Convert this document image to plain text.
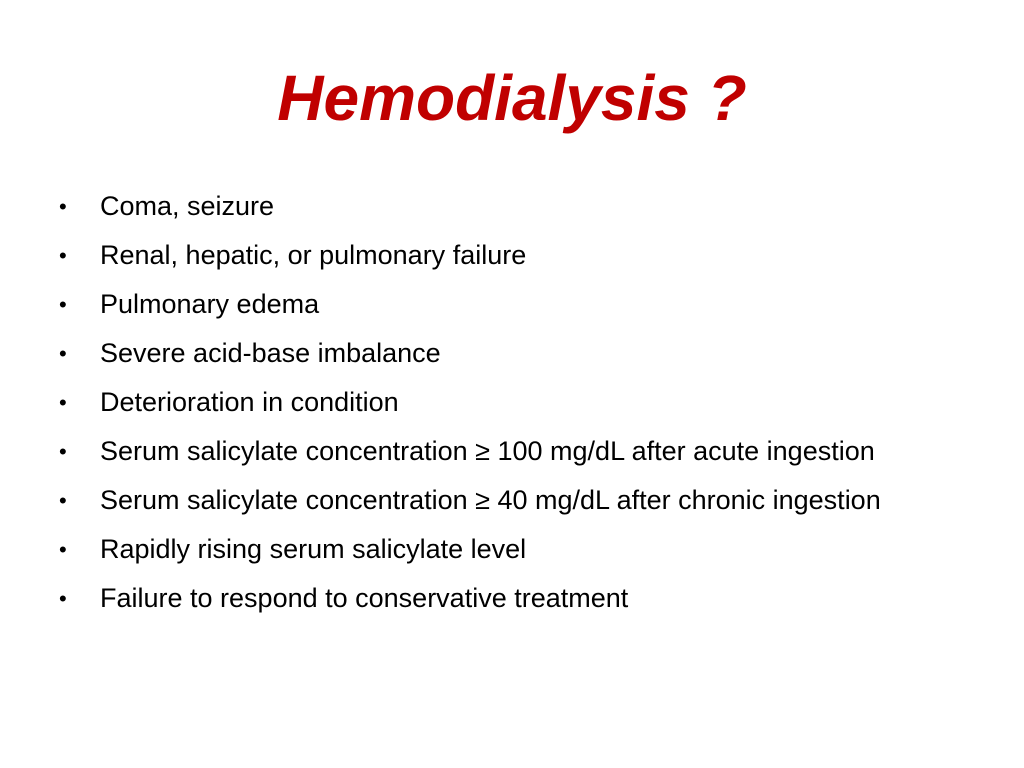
Hemodialysis ?
•	Coma, seizure
•	Renal, hepatic, or pulmonary failure
•	Pulmonary edema
•	Severe acid-base imbalance
•	Deterioration in condition
•	Serum salicylate concentration ≥ 100 mg/dL after acute ingestion
•	Serum salicylate concentration ≥ 40 mg/dL after chronic ingestion
•	Rapidly rising serum salicylate level
•	Failure to respond to conservative treatment
